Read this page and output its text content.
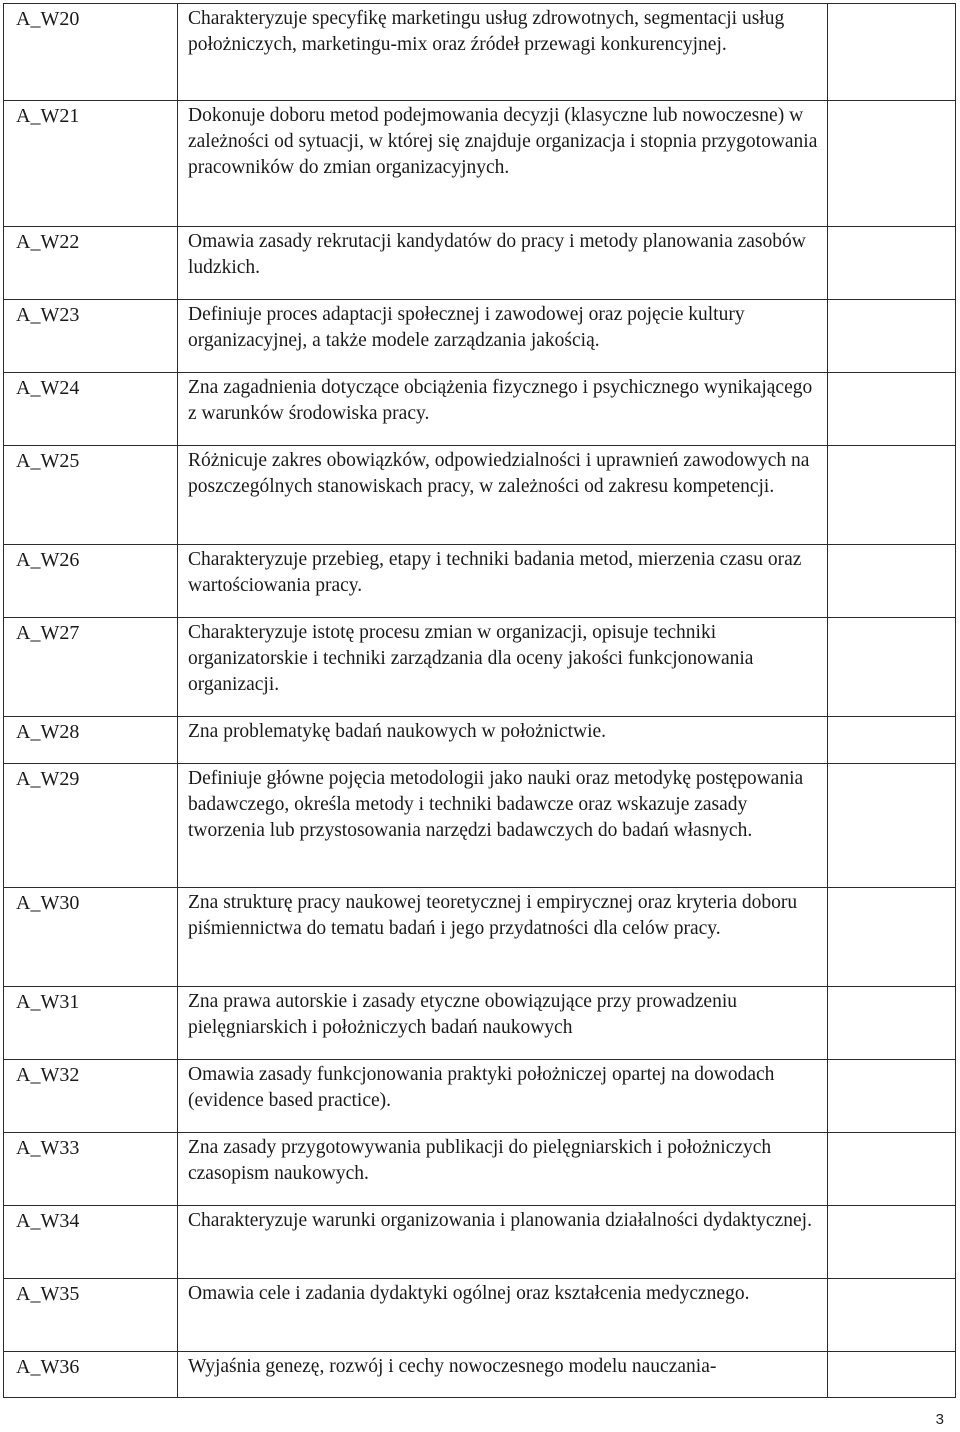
A_W20	Charakteryzuje specyfikę marketingu usług zdrowotnych, segmentacji usług położniczych, marketingu-mix oraz źródeł przewagi konkurencyjnej.	

A_W21	Dokonuje doboru metod podejmowania decyzji (klasyczne lub nowoczesne) w zależności od sytuacji, w której się znajduje organizacja i stopnia przygotowania pracowników do zmian organizacyjnych.	

A_W22	Omawia zasady rekrutacji kandydatów do pracy i metody planowania zasobów ludzkich.	

A_W23	Definiuje proces adaptacji społecznej i zawodowej oraz pojęcie kultury organizacyjnej, a także modele zarządzania jakością.	

A_W24	Zna zagadnienia dotyczące obciążenia fizycznego i psychicznego wynikającego z warunków środowiska pracy.	

A_W25	Różnicuje zakres obowiązków, odpowiedzialności i uprawnień zawodowych na poszczególnych stanowiskach pracy, w zależności od zakresu kompetencji.	

A_W26	Charakteryzuje przebieg, etapy i techniki badania metod, mierzenia czasu oraz wartościowania pracy.	

A_W27	Charakteryzuje istotę procesu zmian w organizacji, opisuje techniki organizatorskie i techniki zarządzania dla oceny jakości funkcjonowania organizacji.	

A_W28	Zna problematykę badań naukowych w położnictwie.	

A_W29	Definiuje główne pojęcia metodologii jako nauki oraz metodykę postępowania badawczego, określa metody i techniki badawcze oraz wskazuje zasady tworzenia lub przystosowania narzędzi badawczych do badań własnych.	

A_W30	Zna strukturę pracy naukowej teoretycznej i empirycznej oraz kryteria doboru piśmiennictwa do tematu badań i jego przydatności dla celów pracy.	

A_W31	Zna prawa autorskie i zasady etyczne obowiązujące przy prowadzeniu pielęgniarskich i położniczych badań naukowych	

A_W32	Omawia zasady funkcjonowania praktyki położniczej opartej na dowodach (evidence based practice).	

A_W33	Zna zasady przygotowywania publikacji do pielęgniarskich i położniczych czasopism naukowych.	

A_W34	Charakteryzuje warunki organizowania i planowania działalności dydaktycznej.	

A_W35	Omawia cele i zadania dydaktyki ogólnej oraz kształcenia medycznego.	

A_W36	Wyjaśnia genezę, rozwój i cechy nowoczesnego modelu nauczania-	

3
